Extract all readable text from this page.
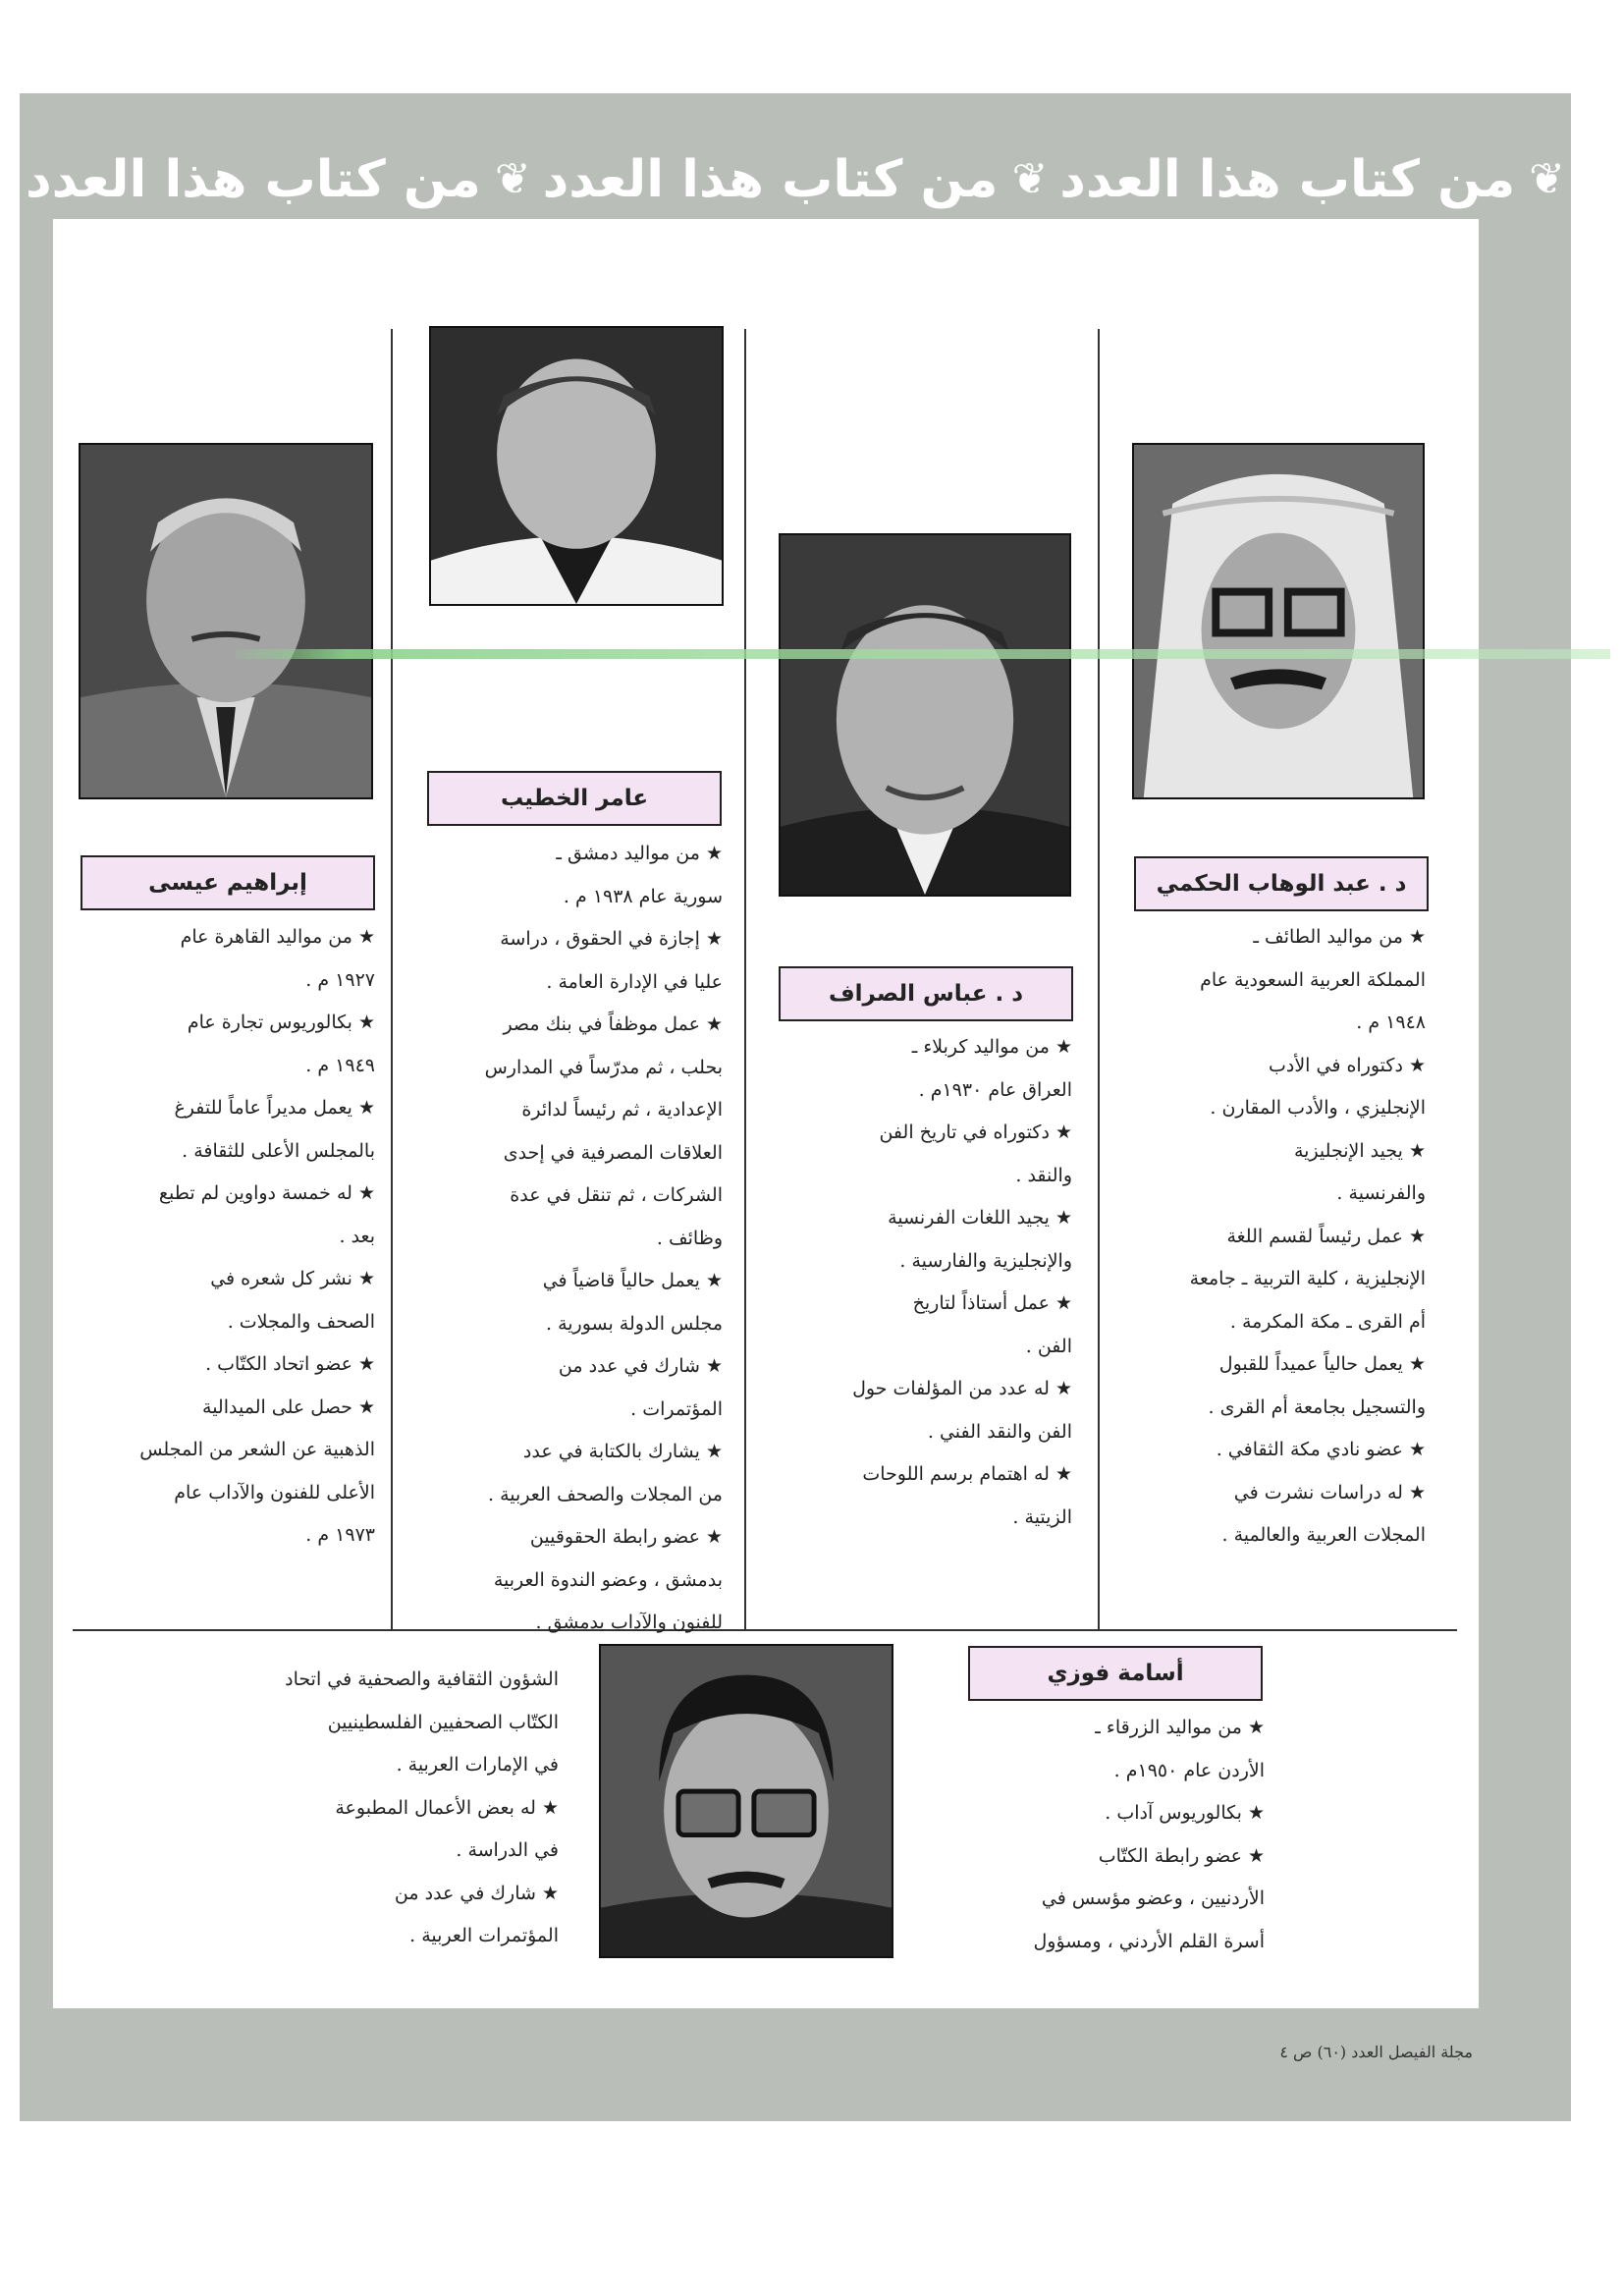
❦
من كتاب هذا العدد
❦
من كتاب هذا العدد
❦
من كتاب هذا العدد
د . عبد الوهاب الحكمي

★ من مواليد الطائف ـ

المملكة العربية السعودية عام

١٩٤٨ م .

★ دكتوراه في الأدب

الإنجليزي ، والأدب المقارن .

★ يجيد الإنجليزية

والفرنسية .

★ عمل رئيساً لقسم اللغة

الإنجليزية ، كلية التربية ـ جامعة

أم القرى ـ مكة المكرمة .

★ يعمل حالياً عميداً للقبول

والتسجيل بجامعة أم القرى .

★ عضو نادي مكة الثقافي .

★ له دراسات نشرت في

المجلات العربية والعالمية .

د . عباس الصراف

★ من مواليد كربلاء ـ

العراق عام ١٩٣٠م .

★ دكتوراه في تاريخ الفن

والنقد .

★ يجيد اللغات الفرنسية

والإنجليزية والفارسية .

★ عمل أستاذاً لتاريخ

الفن .

★ له عدد من المؤلفات حول

الفن والنقد الفني .

★ له اهتمام برسم اللوحات

الزيتية .

عامر الخطيب

★ من مواليد دمشق ـ

سورية عام ١٩٣٨ م .

★ إجازة في الحقوق ، دراسة

عليا في الإدارة العامة .

★ عمل موظفاً في بنك مصر

بحلب ، ثم مدرّساً في المدارس

الإعدادية ، ثم رئيساً لدائرة

العلاقات المصرفية في إحدى

الشركات ، ثم تنقل في عدة

وظائف .

★ يعمل حالياً قاضياً في

مجلس الدولة بسورية .

★ شارك في عدد من

المؤتمرات .

★ يشارك بالكتابة في عدد

من المجلات والصحف العربية .

★ عضو رابطة الحقوقيين

بدمشق ، وعضو الندوة العربية

للفنون والآداب بدمشق .

إبراهيم عيسى

★ من مواليد القاهرة عام

١٩٢٧ م .

★ بكالوريوس تجارة عام

١٩٤٩ م .

★ يعمل مديراً عاماً للتفرغ

بالمجلس الأعلى للثقافة .

★ له خمسة دواوين لم تطبع

بعد .

★ نشر كل شعره في

الصحف والمجلات .

★ عضو اتحاد الكتّاب .

★ حصل على الميدالية

الذهبية عن الشعر من المجلس

الأعلى للفنون والآداب عام

١٩٧٣ م .

أسامة فوزي

★ من مواليد الزرقاء ـ

الأردن عام ١٩٥٠م .

★ بكالوريوس آداب .

★ عضو رابطة الكتّاب

الأردنيين ، وعضو مؤسس في

أسرة القلم الأردني ، ومسؤول

الشؤون الثقافية والصحفية في اتحاد

الكتّاب الصحفيين الفلسطينيين

في الإمارات العربية .

★ له بعض الأعمال المطبوعة

في الدراسة .

★ شارك في عدد من

المؤتمرات العربية .

مجلة الفيصل العدد (٦٠) ص ٤
